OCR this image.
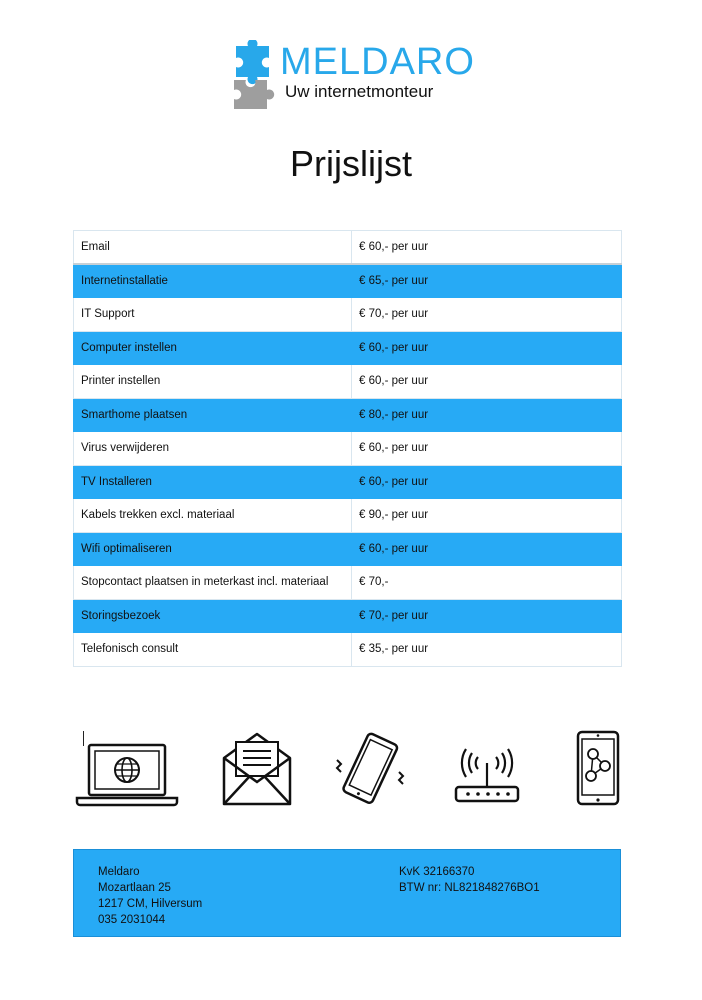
MELDARO
Uw internetmonteur
Prijslijst
Email	€ 60,- per uur
Internetinstallatie	€ 65,- per uur
IT Support	€ 70,- per uur
Computer instellen	€ 60,- per uur
Printer instellen	€ 60,- per uur
Smarthome plaatsen	€ 80,- per uur
Virus verwijderen	€ 60,- per uur
TV Installeren	€ 60,- per uur
Kabels trekken excl. materiaal	€ 90,- per uur
Wifi optimaliseren	€ 60,- per uur
Stopcontact plaatsen in meterkast incl. materiaal	€ 70,-
Storingsbezoek	€ 70,- per uur
Telefonisch consult	€ 35,- per uur
Meldaro
Mozartlaan 25
1217 CM, Hilversum
035 2031044
KvK 32166370
BTW nr: NL821848276BO1
